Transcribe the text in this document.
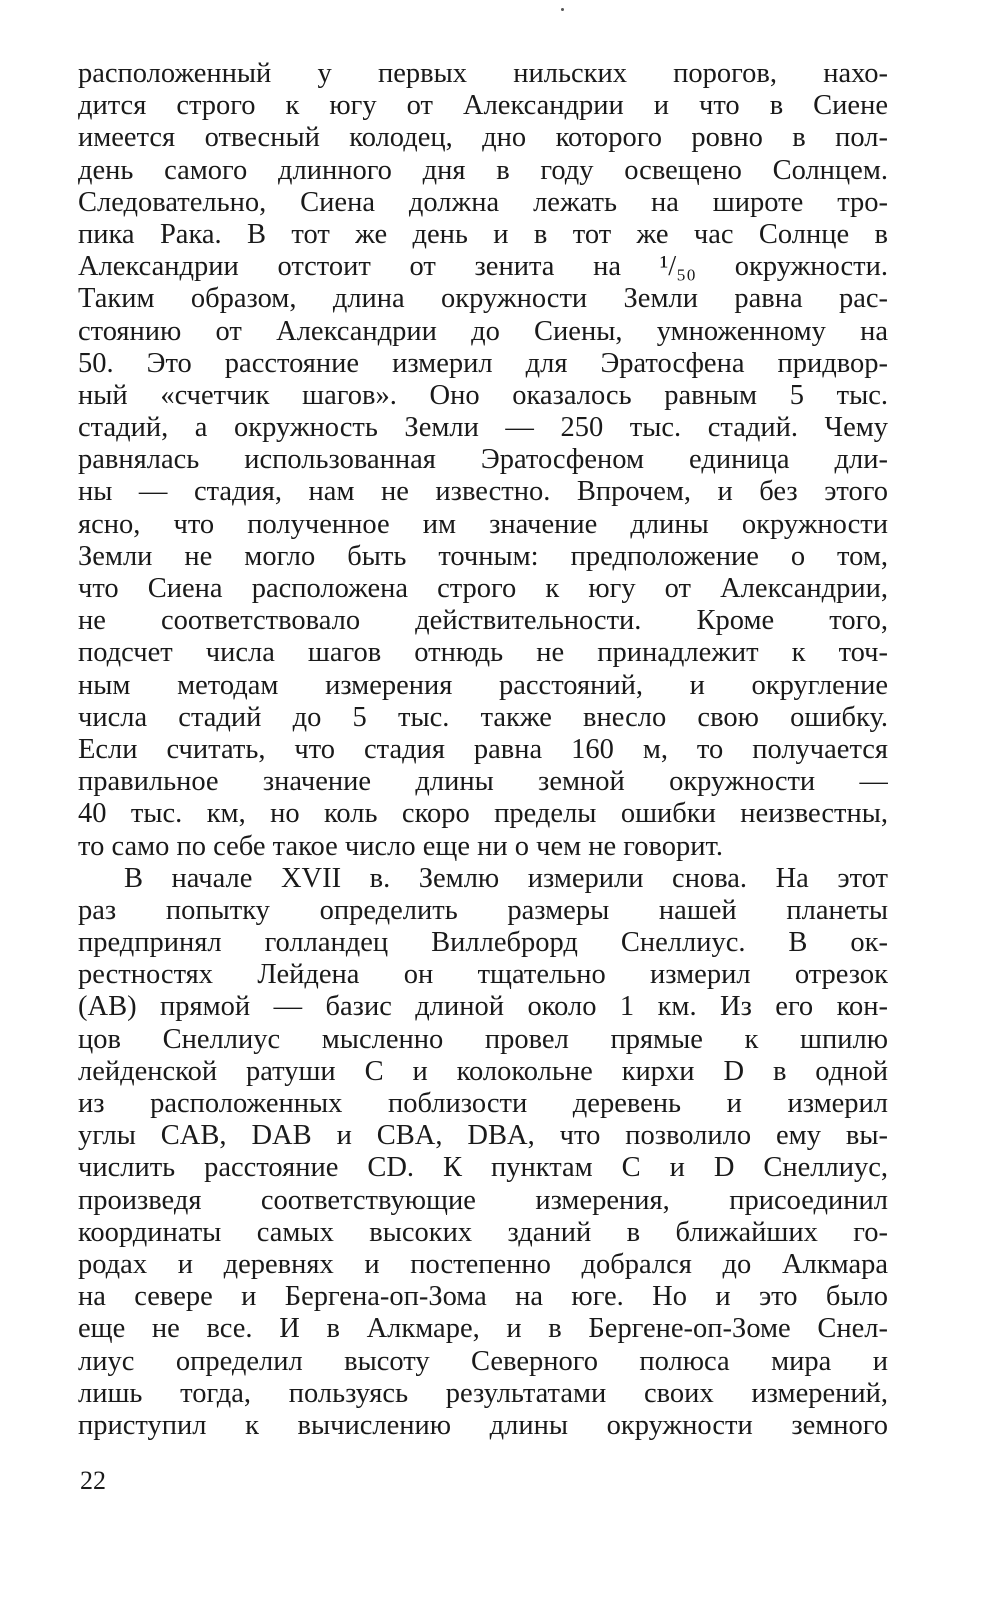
расположенный у первых нильских порогов, нахо-
дится строго к югу от Александрии и что в Сиене
имеется отвесный колодец, дно которого ровно в пол-
день самого длинного дня в году освещено Солнцем.
Следовательно, Сиена должна лежать на широте тро-
пика Рака. В тот же день и в тот же час Солнце в
Александрии отстоит от зенита на ¹/₅₀ окружности.
Таким образом, длина окружности Земли равна рас-
стоянию от Александрии до Сиены, умноженному на
50. Это расстояние измерил для Эратосфена придвор-
ный «счетчик шагов». Оно оказалось равным 5 тыс.
стадий, а окружность Земли — 250 тыс. стадий. Чему
равнялась использованная Эратосфеном единица дли-
ны — стадия, нам не известно. Впрочем, и без этого
ясно, что полученное им значение длины окружности
Земли не могло быть точным: предположение о том,
что Сиена расположена строго к югу от Александрии,
не соответствовало действительности. Кроме того,
подсчет числа шагов отнюдь не принадлежит к точ-
ным методам измерения расстояний, и округление
числа стадий до 5 тыс. также внесло свою ошибку.
Если считать, что стадия равна 160 м, то получается
правильное значение длины земной окружности —
40 тыс. км, но коль скоро пределы ошибки неизвестны,
то само по себе такое число еще ни о чем не говорит.
В начале XVII в. Землю измерили снова. На этот
раз попытку определить размеры нашей планеты
предпринял голландец Виллеброрд Снеллиус. В ок-
рестностях Лейдена он тщательно измерил отрезок
(AB) прямой — базис длиной около 1 км. Из его кон-
цов Снеллиус мысленно провел прямые к шпилю
лейденской ратуши C и колокольне кирхи D в одной
из расположенных поблизости деревень и измерил
углы CAB, DAB и CBA, DBA, что позволило ему вы-
числить расстояние CD. К пунктам C и D Снеллиус,
произведя соответствующие измерения, присоединил
координаты самых высоких зданий в ближайших го-
родах и деревнях и постепенно добрался до Алкмара
на севере и Бергена-оп-Зома на юге. Но и это было
еще не все. И в Алкмаре, и в Бергене-оп-Зоме Снел-
лиус определил высоту Северного полюса мира и
лишь тогда, пользуясь результатами своих измерений,
приступил к вычислению длины окружности земного
22
